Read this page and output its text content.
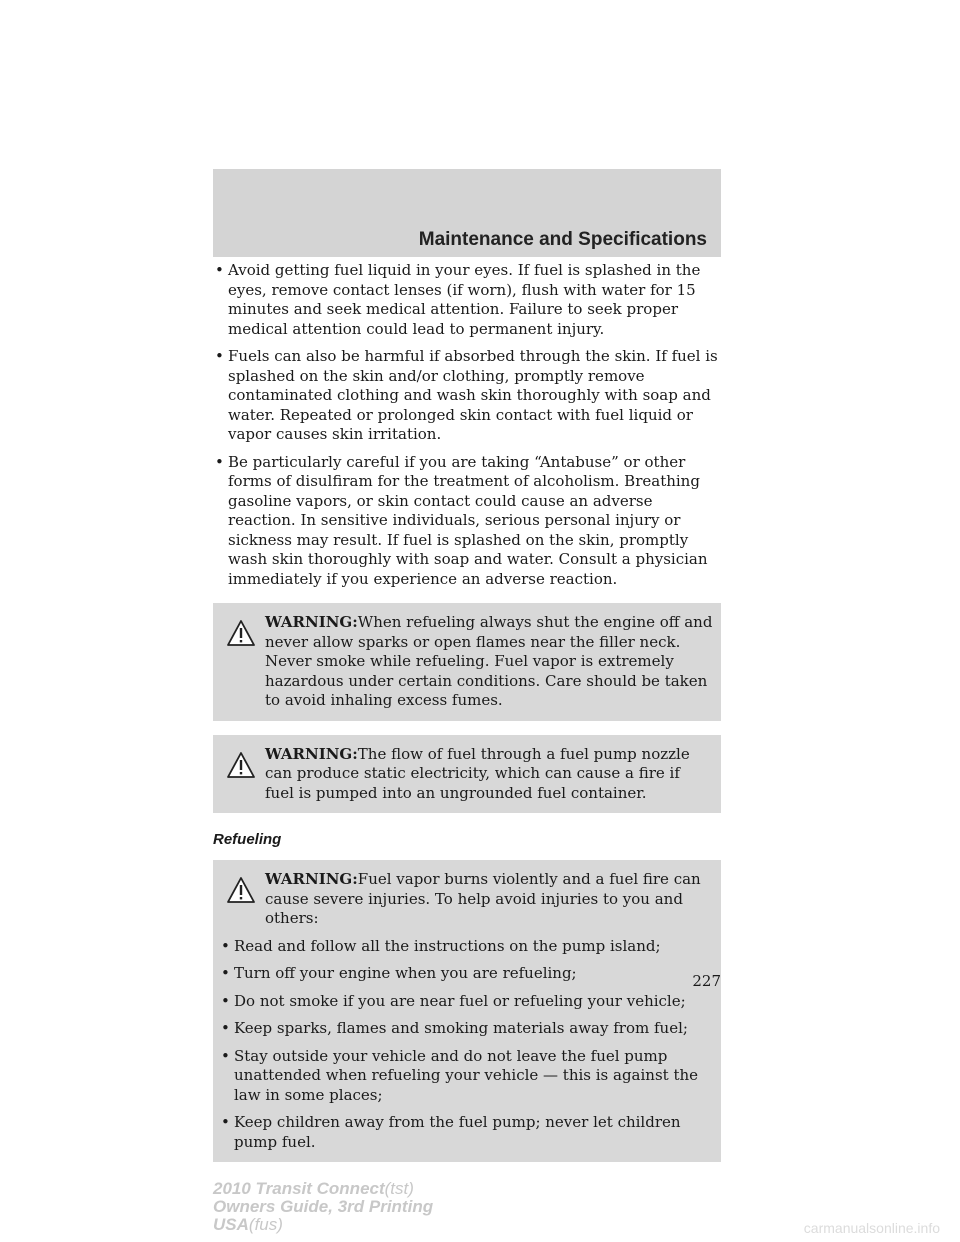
Maintenance and Specifications
• Avoid getting fuel liquid in your eyes. If fuel is splashed in the eyes, remove contact lenses (if worn), flush with water for 15 minutes and seek medical attention. Failure to seek proper medical attention could lead to permanent injury.
• Fuels can also be harmful if absorbed through the skin. If fuel is splashed on the skin and/or clothing, promptly remove contaminated clothing and wash skin thoroughly with soap and water. Repeated or prolonged skin contact with fuel liquid or vapor causes skin irritation.
• Be particularly careful if you are taking “Antabuse” or other forms of disulfiram for the treatment of alcoholism. Breathing gasoline vapors, or skin contact could cause an adverse reaction. In sensitive individuals, serious personal injury or sickness may result. If fuel is splashed on the skin, promptly wash skin thoroughly with soap and water. Consult a physician immediately if you experience an adverse reaction.
WARNING:When refueling always shut the engine off and never allow sparks or open flames near the filler neck. Never smoke while refueling. Fuel vapor is extremely hazardous under certain conditions. Care should be taken to avoid inhaling excess fumes.
WARNING:The flow of fuel through a fuel pump nozzle can produce static electricity, which can cause a fire if fuel is pumped into an ungrounded fuel container.
Refueling
WARNING:Fuel vapor burns violently and a fuel fire can cause severe injuries. To help avoid injuries to you and others:
• Read and follow all the instructions on the pump island;
• Turn off your engine when you are refueling;
• Do not smoke if you are near fuel or refueling your vehicle;
• Keep sparks, flames and smoking materials away from fuel;
• Stay outside your vehicle and do not leave the fuel pump unattended when refueling your vehicle — this is against the law in some places;
• Keep children away from the fuel pump; never let children pump fuel.
227
2010 Transit Connect(tst)
Owners Guide, 3rd Printing
USA(fus)	carmanualsonline.info
